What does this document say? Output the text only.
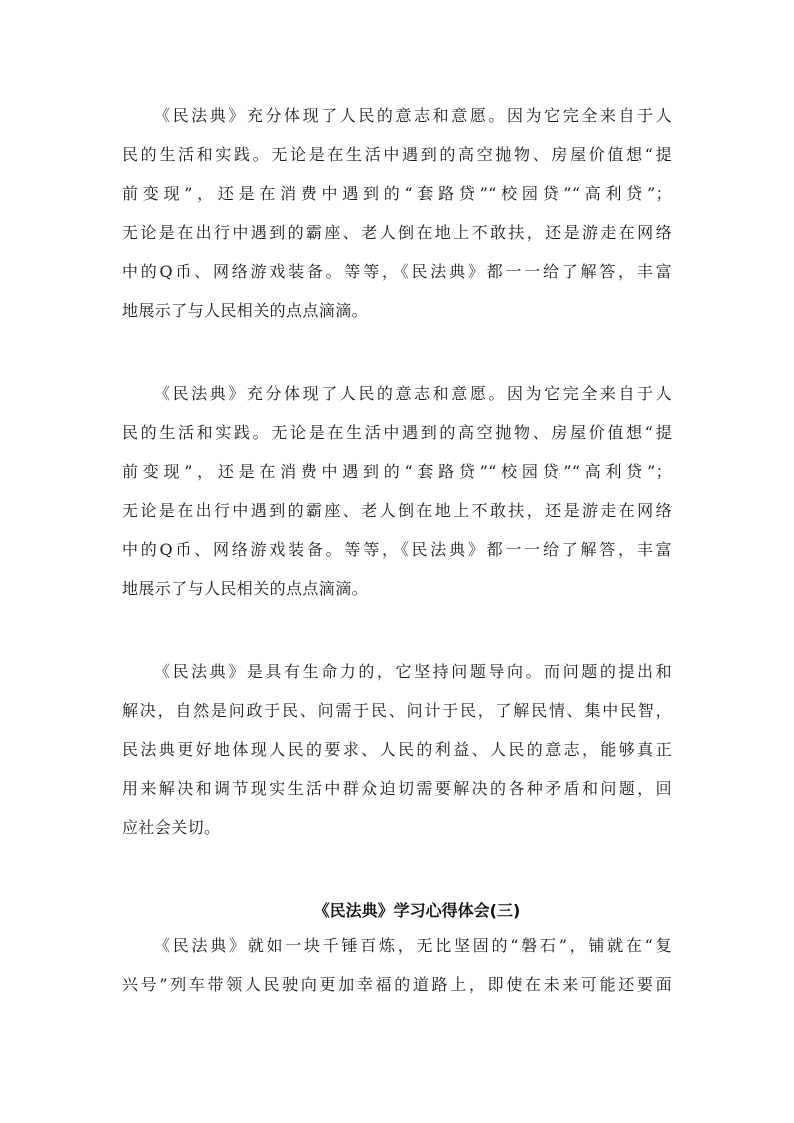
《民法典》充分体现了人民的意志和意愿。因为它完全来自于人
民的生活和实践。无论是在生活中遇到的高空抛物、房屋价值想“提
前变现”，还是在消费中遇到的“套路贷”“校园贷”“高利贷”；
无论是在出行中遇到的霸座、老人倒在地上不敢扶，还是游走在网络
中的Q币、网络游戏装备。等等，《民法典》都一一给了解答，丰富
地展示了与人民相关的点点滴滴。

《民法典》充分体现了人民的意志和意愿。因为它完全来自于人
民的生活和实践。无论是在生活中遇到的高空抛物、房屋价值想“提
前变现”，还是在消费中遇到的“套路贷”“校园贷”“高利贷”；
无论是在出行中遇到的霸座、老人倒在地上不敢扶，还是游走在网络
中的Q币、网络游戏装备。等等，《民法典》都一一给了解答，丰富
地展示了与人民相关的点点滴滴。

《民法典》是具有生命力的，它坚持问题导向。而问题的提出和
解决，自然是问政于民、问需于民、问计于民，了解民情、集中民智，
民法典更好地体现人民的要求、人民的利益、人民的意志，能够真正
用来解决和调节现实生活中群众迫切需要解决的各种矛盾和问题，回
应社会关切。

《民法典》学习心得体会(三)

《民法典》就如一块千锤百炼，无比坚固的“磐石”，铺就在“复
兴号”列车带领人民驶向更加幸福的道路上，即使在未来可能还要面
